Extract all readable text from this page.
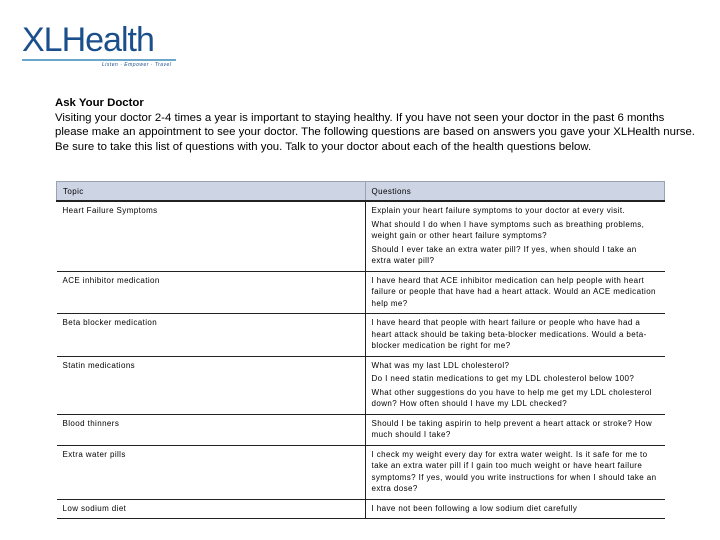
XLHealth
Listen · Empower · Travel
Ask Your Doctor
Visiting your doctor 2-4 times a year is important to staying healthy. If you have not seen your doctor in the past 6 months please make an appointment to see your doctor. The following questions are based on answers you gave your XLHealth nurse. Be sure to take this list of questions with you. Talk to your doctor about each of the health questions below.
Topic	Questions
Heart Failure Symptoms	Explain your heart failure symptoms to your doctor at every visit.

What should I do when I have symptoms such as breathing problems, weight gain or other heart failure symptoms?

Should I ever take an extra water pill? If yes, when should I take an extra water pill?

ACE inhibitor medication	I have heard that ACE inhibitor medication can help people with heart failure or people that have had a heart attack. Would an ACE medication help me?

Beta blocker medication	I have heard that people with heart failure or people who have had a heart attack should be taking beta-blocker medications. Would a beta-blocker medication be right for me?

Statin medications	What was my last LDL cholesterol?

Do I need statin medications to get my LDL cholesterol below 100?

What other suggestions do you have to help me get my LDL cholesterol down? How often should I have my LDL checked?

Blood thinners	Should I be taking aspirin to help prevent a heart attack or stroke? How much should I take?

Extra water pills	I check my weight every day for extra water weight. Is it safe for me to take an extra water pill if I gain too much weight or have heart failure symptoms? If yes, would you write instructions for when I should take an extra dose?

Low sodium diet	I have not been following a low sodium diet carefully
